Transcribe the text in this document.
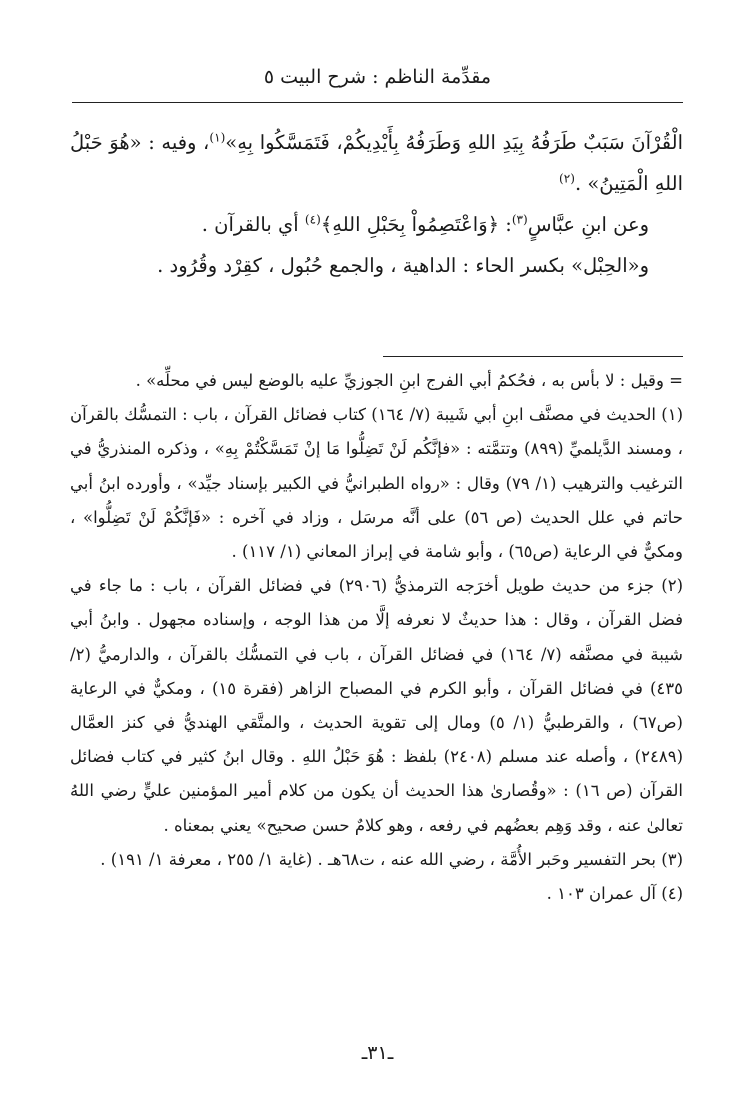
مقدِّمة الناظم : شرح البيت ٥

الْقُرْآنَ سَبَبٌ طَرَفُهُ بِيَدِ اللهِ وَطَرَفُهُ بِأَيْدِيكُمْ، فَتَمَسَّكُوا بِهِ»$^{(١)}$، وفيه : «هُوَ حَبْلُ اللهِ الْمَتِينُ» .$^{(٢)}$

وعن ابنِ عبَّاسٍ$^{(٣)}$: ﴿وَاعْتَصِمُواْ بِحَبْلِ اللهِ﴾$^{(٤)}$ أي بالقرآن .

و«الحِبْل» بكسر الحاء : الداهية ، والجمع حُبُول ، كقِرْد وقُرُود .

= وقيل : لا بأس به ، فحُكمُ أبي الفرج ابنِ الجوزيِّ عليه بالوضع ليس في محلِّه» .

(١) الحديث في مصنَّف ابنِ أبي شَيبة (٧/ ١٦٤) كتاب فضائل القرآن ، باب : التمسُّك بالقرآن ، ومسند الدَّيلميِّ (٨٩٩) وتتمَّته : «فإنَّكُم لَنْ تَضِلُّوا مَا إنْ تَمَسَّكْتُمْ بِهِ» ، وذكره المنذريُّ في الترغيب والترهيب (١/ ٧٩) وقال : «رواه الطبرانيُّ في الكبير بإسناد جيِّد» ، وأورده ابنُ أبي حاتم في علل الحديث (ص ٥٦) على أنَّه مرسَل ، وزاد في آخره : «فَإنَّكُمْ لَنْ تَضِلُّوا» ، ومكيٌّ في الرعاية (ص٦٥) ، وأبو شامة في إبراز المعاني (١/ ١١٧) .

(٢) جزء من حديث طويل أخرَجه الترمذيُّ (٢٩٠٦) في فضائل القرآن ، باب : ما جاء في فضل القرآن ، وقال : هذا حديثٌ لا نعرفه إلَّا من هذا الوجه ، وإسناده مجهول . وابنُ أبي شيبة في مصنَّفه (٧/ ١٦٤) في فضائل القرآن ، باب في التمسُّك بالقرآن ، والدارميُّ (٢/ ٤٣٥) في فضائل القرآن ، وأبو الكرم في المصباح الزاهر (فقرة ١٥) ، ومكيٌّ في الرعاية (ص٦٧) ، والقرطبيُّ (١/ ٥) ومال إلى تقوية الحديث ، والمتَّقي الهنديُّ في كنز العمَّال (٢٤٨٩) ، وأصله عند مسلم (٢٤٠٨) بلفظ : هُوَ حَبْلُ اللهِ . وقال ابنُ كثير في كتاب فضائل القرآن (ص ١٦) : «وقُصارىٰ هذا الحديث أن يكون من كلام أمير المؤمنين عليٍّ رضي اللهُ تعالىٰ عنه ، وقد وَهِم بعضُهم في رفعه ، وهو كلامٌ حسن صحيح» يعني بمعناه .

(٣) بحر التفسير وحَبر الأُمَّة ، رضي الله عنه ، ت٦٨هـ . (غاية ١/ ٢٥٥ ، معرفة ١/ ١٩١) .

(٤) آل عمران ١٠٣ .

ـ٣١ـ
